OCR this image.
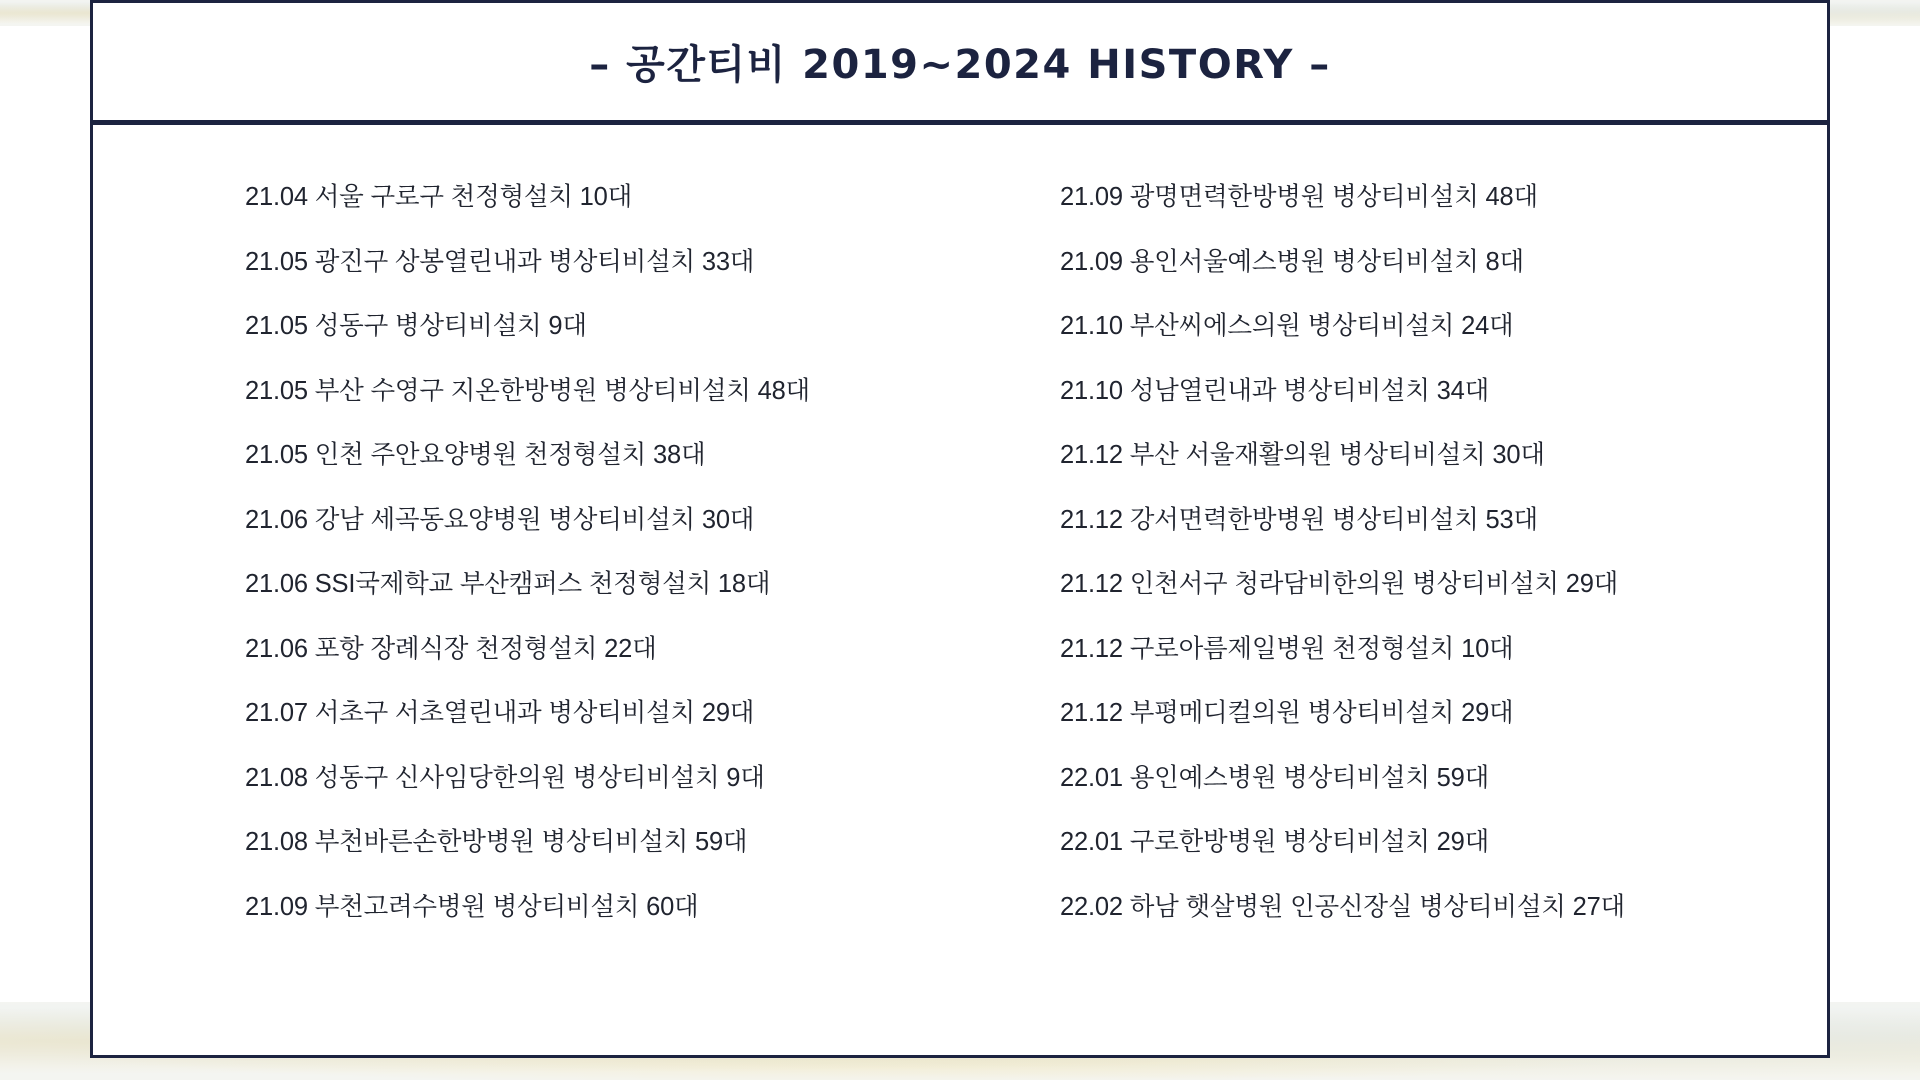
– 공간티비 2019~2024 HISTORY –
21.04 서울 구로구 천정형설치 10대
21.05 광진구 상봉열린내과 병상티비설치 33대
21.05 성동구 병상티비설치 9대
21.05 부산 수영구 지온한방병원 병상티비설치 48대
21.05 인천 주안요양병원 천정형설치 38대
21.06 강남 세곡동요양병원 병상티비설치 30대
21.06 SSI국제학교 부산캠퍼스 천정형설치 18대
21.06 포항 장례식장 천정형설치 22대
21.07 서초구 서초열린내과 병상티비설치 29대
21.08 성동구 신사임당한의원 병상티비설치 9대
21.08 부천바른손한방병원 병상티비설치 59대
21.09 부천고려수병원 병상티비설치 60대
21.09 광명면력한방병원 병상티비설치 48대
21.09 용인서울예스병원 병상티비설치 8대
21.10 부산씨에스의원 병상티비설치 24대
21.10 성남열린내과 병상티비설치 34대
21.12 부산 서울재활의원 병상티비설치 30대
21.12 강서면력한방병원 병상티비설치 53대
21.12 인천서구 청라담비한의원 병상티비설치 29대
21.12 구로아름제일병원 천정형설치 10대
21.12 부평메디컬의원 병상티비설치 29대
22.01 용인예스병원 병상티비설치 59대
22.01 구로한방병원 병상티비설치 29대
22.02 하남 햇살병원 인공신장실 병상티비설치 27대
